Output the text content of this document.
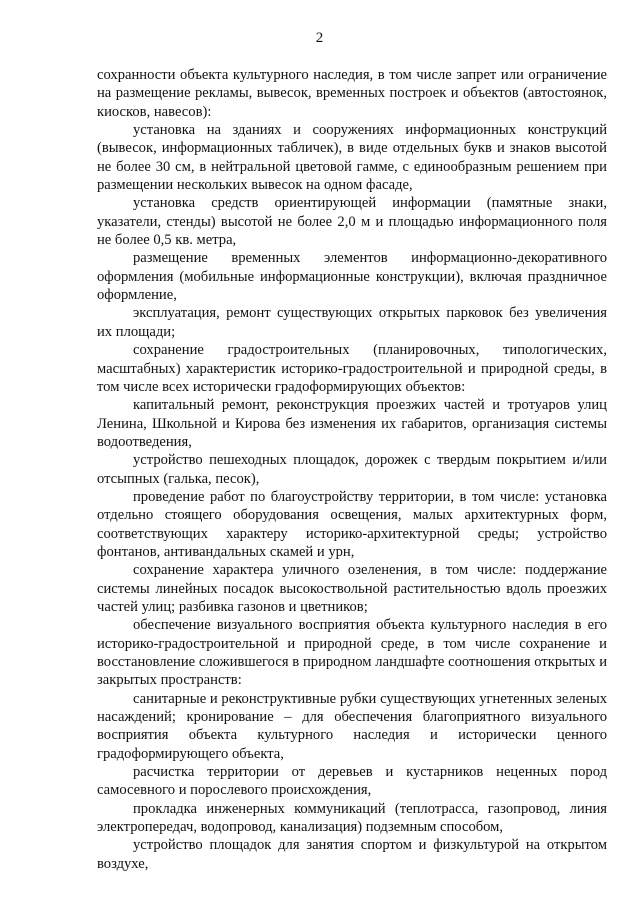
2

сохранности объекта культурного наследия, в том числе запрет или ограничение на размещение рекламы, вывесок, временных построек и объектов (автостоянок, киосков, навесов):

установка на зданиях и сооружениях информационных конструкций (вывесок, информационных табличек), в виде отдельных букв и знаков высотой не более 30 см, в нейтральной цветовой гамме, с единообразным решением при размещении нескольких вывесок на одном фасаде,

установка средств ориентирующей информации (памятные знаки, указатели, стенды) высотой не более 2,0 м и площадью информационного поля не более 0,5 кв. метра,

размещение временных элементов информационно-декоративного оформления (мобильные информационные конструкции), включая праздничное оформление,

эксплуатация, ремонт существующих открытых парковок без увеличения их площади;

сохранение градостроительных (планировочных, типологических, масштабных) характеристик историко-градостроительной и природной среды, в том числе всех исторически градоформирующих объектов:

капитальный ремонт, реконструкция проезжих частей и тротуаров улиц Ленина, Школьной и Кирова без изменения их габаритов, организация системы водоотведения,

устройство пешеходных площадок, дорожек с твердым покрытием и/или отсыпных (галька, песок),

проведение работ по благоустройству территории, в том числе: установка отдельно стоящего оборудования освещения, малых архитектурных форм, соответствующих характеру историко-архитектурной среды; устройство фонтанов, антивандальных скамей и урн,

сохранение характера уличного озеленения, в том числе: поддержание системы линейных посадок высокоствольной растительностью вдоль проезжих частей улиц; разбивка газонов и цветников;

обеспечение визуального восприятия объекта культурного наследия в его историко-градостроительной и природной среде, в том числе сохранение и восстановление сложившегося в природном ландшафте соотношения открытых и закрытых пространств:

санитарные и реконструктивные рубки существующих угнетенных зеленых насаждений; кронирование – для обеспечения благоприятного визуального восприятия объекта культурного наследия и исторически ценного градоформирующего объекта,

расчистка территории от деревьев и кустарников неценных пород самосевного и порослевого происхождения,

прокладка инженерных коммуникаций (теплотрасса, газопровод, линия электропередач, водопровод, канализация) подземным способом,

устройство площадок для занятия спортом и физкультурой на открытом воздухе,
